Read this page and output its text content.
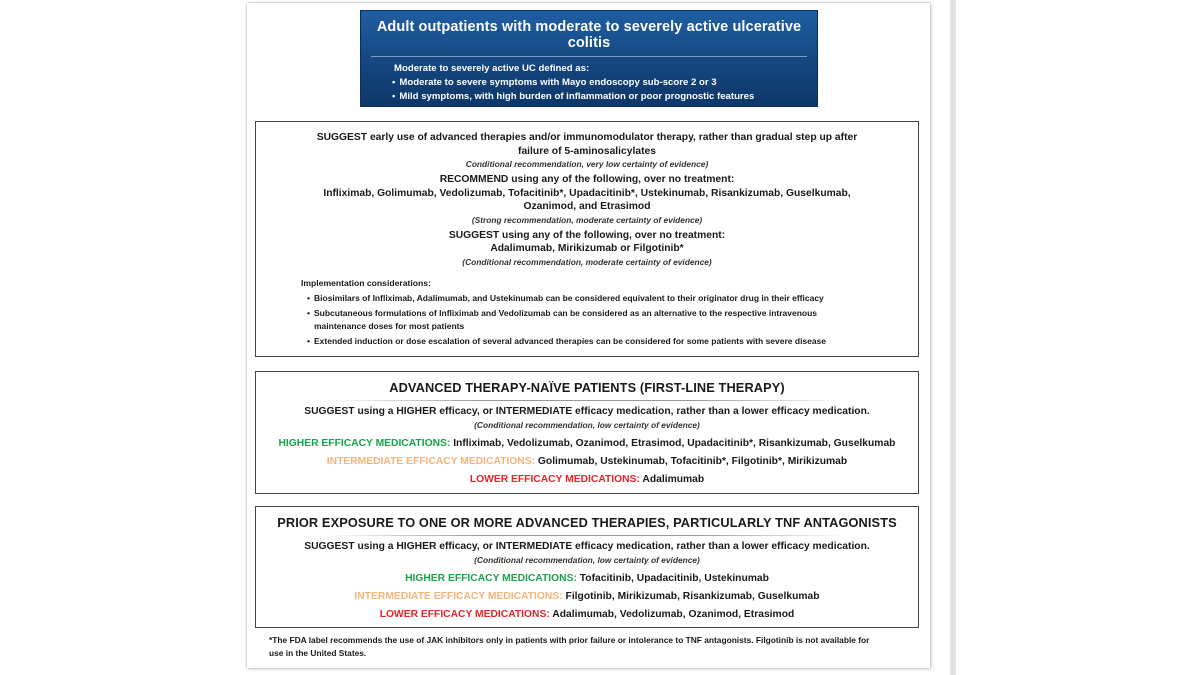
Adult outpatients with moderate to severely active ulcerative colitis
Moderate to severely active UC defined as:
• Moderate to severe symptoms with Mayo endoscopy sub-score 2 or 3
• Mild symptoms, with high burden of inflammation or poor prognostic features
• Patients with corticosteroid-dependence, or refractory to oral corticosteroids
SUGGEST early use of advanced therapies and/or immunomodulator therapy, rather than gradual step up after
failure of 5-aminosalicylates
Conditional recommendation, very low certainty of evidence)
RECOMMEND using any of the following, over no treatment:
Infliximab, Golimumab, Vedolizumab, Tofacitinib*, Upadacitinib*, Ustekinumab, Risankizumab, Guselkumab,
Ozanimod, and Etrasimod
(Strong recommendation, moderate certainty of evidence)
SUGGEST using any of the following, over no treatment:
Adalimumab, Mirikizumab or Filgotinib*
(Conditional recommendation, moderate certainty of evidence)
Implementation considerations:
• Biosimilars of Infliximab, Adalimumab, and Ustekinumab can be considered equivalent to their originator drug in their efficacy
• Subcutaneous formulations of Infliximab and Vedolizumab can be considered as an alternative to the respective intravenous
maintenance doses for most patients
• Extended induction or dose escalation of several advanced therapies can be considered for some patients with severe disease
ADVANCED THERAPY-NAÏVE PATIENTS (FIRST-LINE THERAPY)
SUGGEST using a HIGHER efficacy, or INTERMEDIATE efficacy medication, rather than a lower efficacy medication.
(Conditional recommendation, low certainty of evidence)
HIGHER EFFICACY MEDICATIONS: Infliximab, Vedolizumab, Ozanimod, Etrasimod, Upadacitinib*, Risankizumab, Guselkumab
INTERMEDIATE EFFICACY MEDICATIONS: Golimumab, Ustekinumab, Tofacitinib*, Filgotinib*, Mirikizumab
LOWER EFFICACY MEDICATIONS: Adalimumab
PRIOR EXPOSURE TO ONE OR MORE ADVANCED THERAPIES, PARTICULARLY TNF ANTAGONISTS
SUGGEST using a HIGHER efficacy, or INTERMEDIATE efficacy medication, rather than a lower efficacy medication.
(Conditional recommendation, low certainty of evidence)
HIGHER EFFICACY MEDICATIONS: Tofacitinib, Upadacitinib, Ustekinumab
INTERMEDIATE EFFICACY MEDICATIONS: Filgotinib, Mirikizumab, Risankizumab, Guselkumab
LOWER EFFICACY MEDICATIONS: Adalimumab, Vedolizumab, Ozanimod, Etrasimod
*The FDA label recommends the use of JAK inhibitors only in patients with prior failure or intolerance to TNF antagonists. Filgotinib is not available for
use in the United States.
